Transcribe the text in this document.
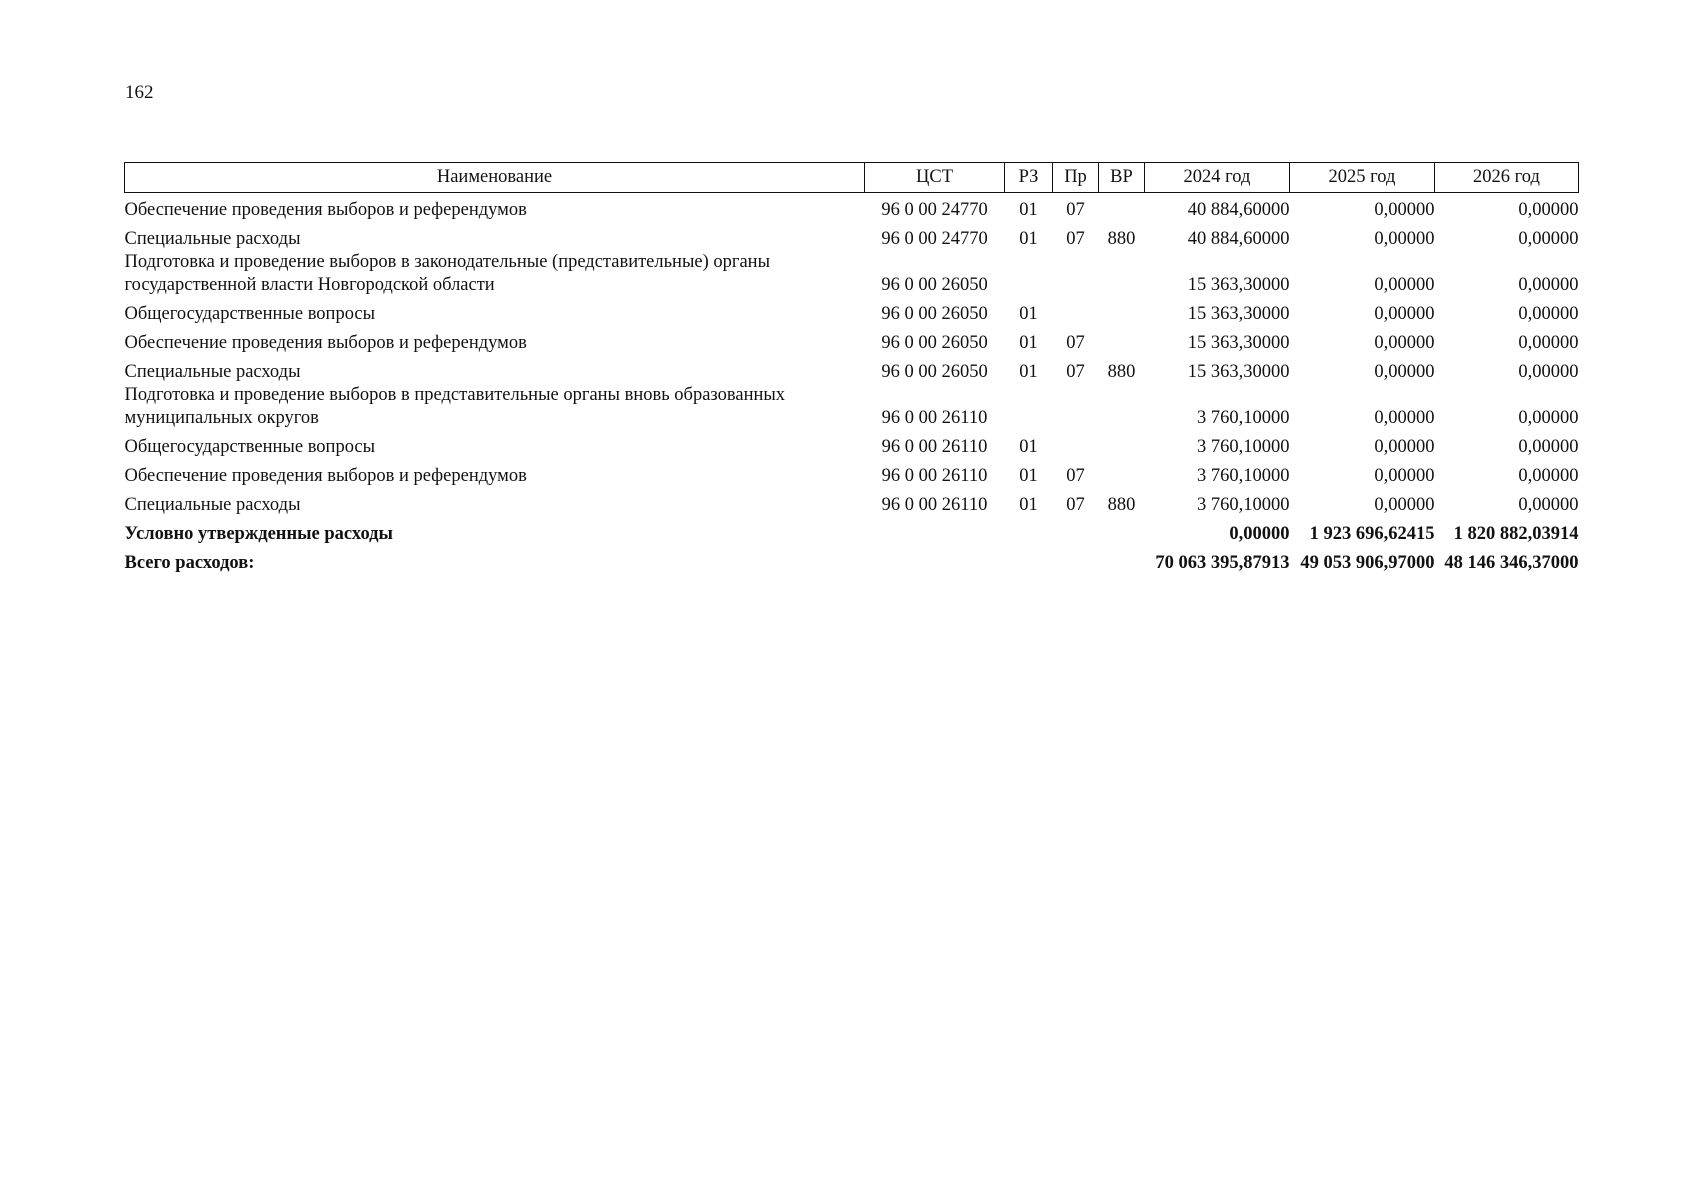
162
Наименование	ЦСТ	РЗ	Пр	ВР	2024 год	2025 год	2026 год
Обеспечение проведения выборов и референдумов	96 0 00 24770	01	07		40 884,60000	0,00000	0,00000
Специальные расходы	96 0 00 24770	01	07	880	40 884,60000	0,00000	0,00000
Подготовка и проведение выборов в законодательные (представительные) органы государственной власти Новгородской области	96 0 00 26050				15 363,30000	0,00000	0,00000
Общегосударственные вопросы	96 0 00 26050	01			15 363,30000	0,00000	0,00000
Обеспечение проведения выборов и референдумов	96 0 00 26050	01	07		15 363,30000	0,00000	0,00000
Специальные расходы	96 0 00 26050	01	07	880	15 363,30000	0,00000	0,00000
Подготовка и проведение выборов в представительные органы вновь образованных муниципальных округов	96 0 00 26110				3 760,10000	0,00000	0,00000
Общегосударственные вопросы	96 0 00 26110	01			3 760,10000	0,00000	0,00000
Обеспечение проведения выборов и референдумов	96 0 00 26110	01	07		3 760,10000	0,00000	0,00000
Специальные расходы	96 0 00 26110	01	07	880	3 760,10000	0,00000	0,00000
Условно утвержденные расходы					0,00000	1 923 696,62415	1 820 882,03914
Всего расходов:					70 063 395,87913	49 053 906,97000	48 146 346,37000
